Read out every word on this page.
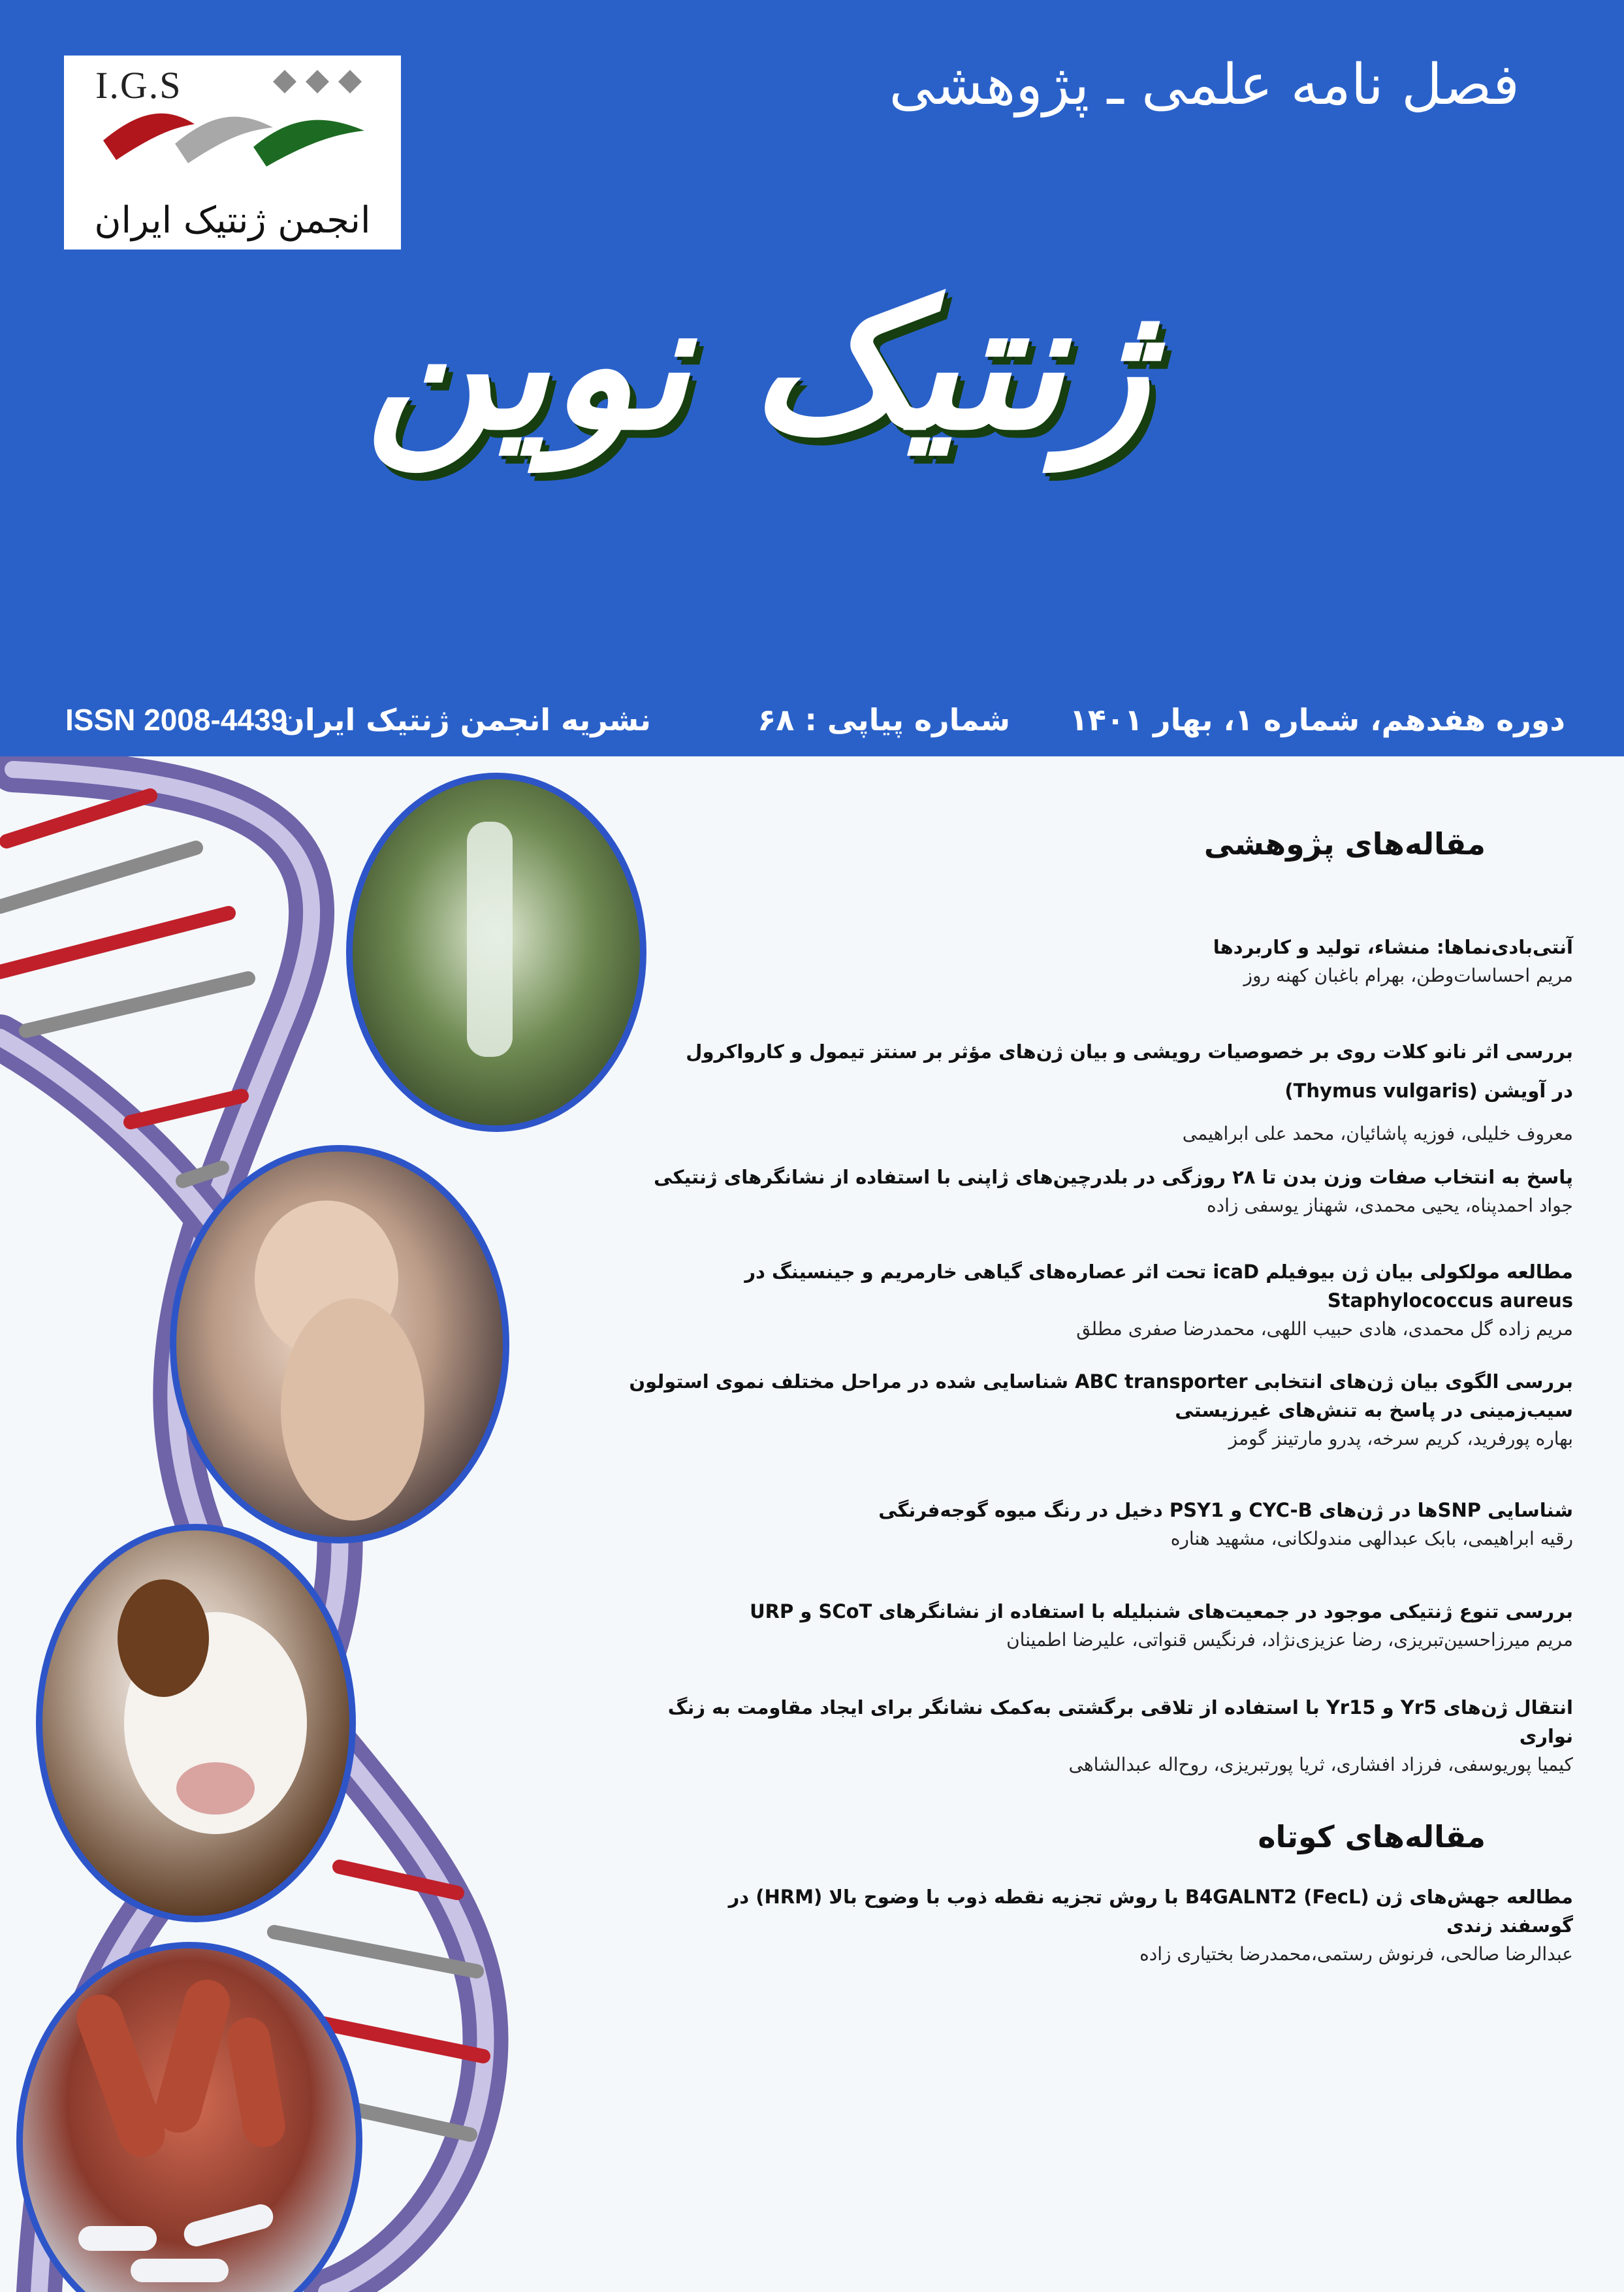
I.G.S
انجمن ژنتیک ایران
فصل نامه علمی ـ پژوهشی
ژنتیک نوین
دوره هفدهم، شماره ۱، بهار ۱۴۰۱
شماره پیاپی : ۶۸
نشریه انجمن ژنتیک ایران
ISSN 2008-4439
مقاله‌های پژوهشی
آنتی‌بادی‌نماها: منشاء، تولید و کاربردها
مریم احساسات‌وطن، بهرام باغبان کهنه روز
بررسی اثر نانو کلات روی بر خصوصیات رویشی و بیان ژن‌های مؤثر بر سنتز تیمول و کارواکرول در آویشن (Thymus vulgaris)
معروف خلیلی، فوزیه پاشائیان، محمد علی ابراهیمی
پاسخ به انتخاب صفات وزن بدن تا ۲۸ روزگی در بلدرچین‌های ژاپنی با استفاده از نشانگرهای ژنتیکی
جواد احمدپناه، یحیی محمدی، شهناز یوسفی زاده
مطالعه مولکولی بیان ژن بیوفیلم icaD تحت اثر عصاره‌های گیاهی خارمریم و جینسینگ در Staphylococcus aureus
مریم زاده گل محمدی، هادی حبیب اللهی، محمدرضا صفری مطلق
بررسی الگوی بیان ژن‌های انتخابی ABC transporter شناسایی شده در مراحل مختلف نموی استولون سیب‌زمینی در پاسخ به تنش‌های غیرزیستی
بهاره پورفرید، کریم سرخه، پدرو مارتینز گومز
شناسایی SNPها در ژن‌های CYC-B و PSY1 دخیل در رنگ میوه گوجه‌فرنگی
رقیه ابراهیمی، بابک عبدالهی مندولکانی، مشهید هناره
بررسی تنوع ژنتیکی موجود در جمعیت‌های شنبلیله با استفاده از نشانگرهای SCoT و URP
مریم میرزاحسین‌تبریزی، رضا عزیزی‌نژاد، فرنگیس قنواتی، علیرضا اطمینان
انتقال ژن‌های Yr5 و Yr15 با استفاده از تلاقی برگشتی به‌کمک نشانگر برای ایجاد مقاومت به زنگ نواری
کیمیا پوریوسفی، فرزاد افشاری، ثریا پورتبریزی، روح‌اله عبدالشاهی
مقاله‌های کوتاه
مطالعه جهش‌های ژن B4GALNT2 (FecL) با روش تجزیه نقطه ذوب با وضوح بالا (HRM) در گوسفند زندی
عبدالرضا صالحی، فرنوش رستمی،محمدرضا بختیاری زاده
